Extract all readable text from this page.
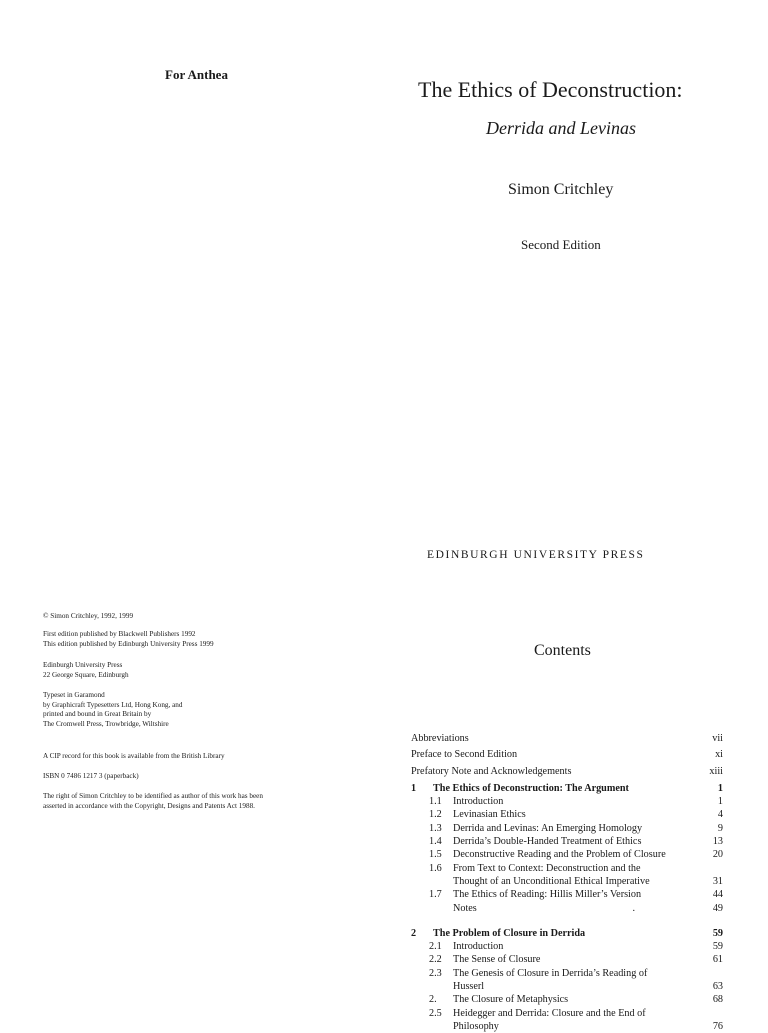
For Anthea
© Simon Critchley, 1992, 1999
First edition published by Blackwell Publishers 1992
This edition published by Edinburgh University Press 1999
Edinburgh University Press
22 George Square, Edinburgh
Typeset in Garamond
by Graphicraft Typesetters Ltd, Hong Kong, and
printed and bound in Great Britain by
The Cromwell Press, Trowbridge, Wiltshire
A CIP record for this book is available from the British Library
ISBN 0 7486 1217 3 (paperback)
The right of Simon Critchley to be identified as author of this work has been
asserted in accordance with the Copyright, Designs and Patents Act 1988.
The Ethics of Deconstruction:
Derrida and Levinas
Simon Critchley
Second Edition
EDINBURGH UNIVERSITY PRESS
Contents
Abbreviations	vii
Preface to Second Edition	xi
Prefatory Note and Acknowledgements	xiii
1 The Ethics of Deconstruction: The Argument	1
1.1 Introduction	1
1.2 Levinasian Ethics	4
1.3 Derrida and Levinas: An Emerging Homology	9
1.4 Derrida’s Double-Handed Treatment of Ethics	13
1.5 Deconstructive Reading and the Problem of Closure	20
1.6 From Text to Context: Deconstruction and the
Thought of an Unconditional Ethical Imperative	31
1.7 The Ethics of Reading: Hillis Miller’s Version	44
Notes	.	49
2 The Problem of Closure in Derrida	59
2.1 Introduction	59
2.2 The Sense of Closure	61
2.3 The Genesis of Closure in Derrida’s Reading of
Husserl	63
2. The Closure of Metaphysics	68
2.5 Heidegger and Derrida: Closure and the End of
Philosophy	76
